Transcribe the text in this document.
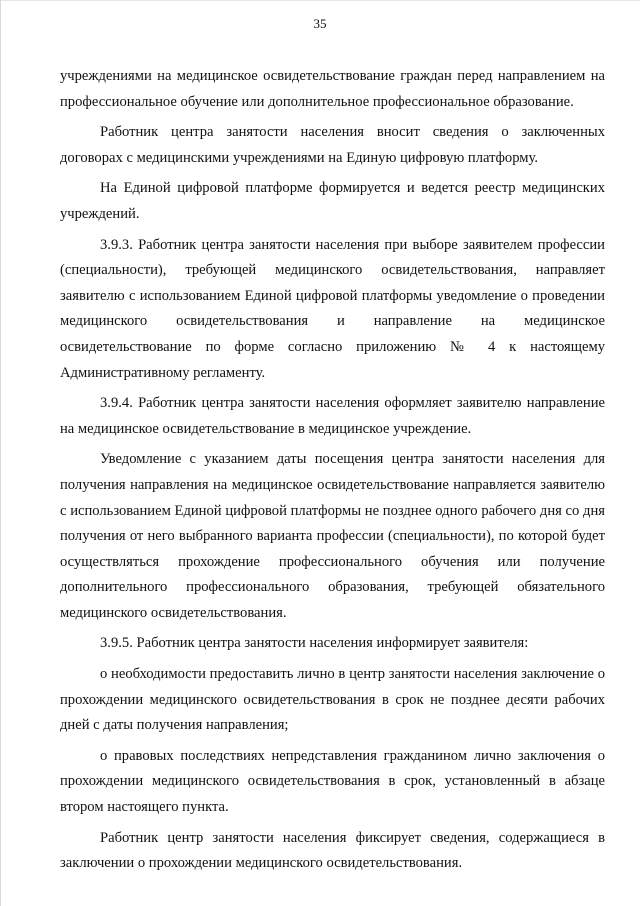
35

учреждениями на медицинское освидетельствование граждан перед направлением на профессиональное обучение или дополнительное профессиональное образование.

Работник центра занятости населения вносит сведения о заключенных договорах с медицинскими учреждениями на Единую цифровую платформу.

На Единой цифровой платформе формируется и ведется реестр медицинских учреждений.

3.9.3. Работник центра занятости населения при выборе заявителем профессии (специальности), требующей медицинского освидетельствования, направляет заявителю с использованием Единой цифровой платформы уведомление о проведении медицинского освидетельствования и направление на медицинское освидетельствование по форме согласно приложению № 4 к настоящему Административному регламенту.

3.9.4. Работник центра занятости населения оформляет заявителю направление на медицинское освидетельствование в медицинское учреждение.

Уведомление с указанием даты посещения центра занятости населения для получения направления на медицинское освидетельствование направляется заявителю с использованием Единой цифровой платформы не позднее одного рабочего дня со дня получения от него выбранного варианта профессии (специальности), по которой будет осуществляться прохождение профессионального обучения или получение дополнительного профессионального образования, требующей обязательного медицинского освидетельствования.

3.9.5. Работник центра занятости населения информирует заявителя:

о необходимости предоставить лично в центр занятости населения заключение о прохождении медицинского освидетельствования в срок не позднее десяти рабочих дней с даты получения направления;

о правовых последствиях непредставления гражданином лично заключения о прохождении медицинского освидетельствования в срок, установленный в абзаце втором настоящего пункта.

Работник центр занятости населения фиксирует сведения, содержащиеся в заключении о прохождении медицинского освидетельствования.
